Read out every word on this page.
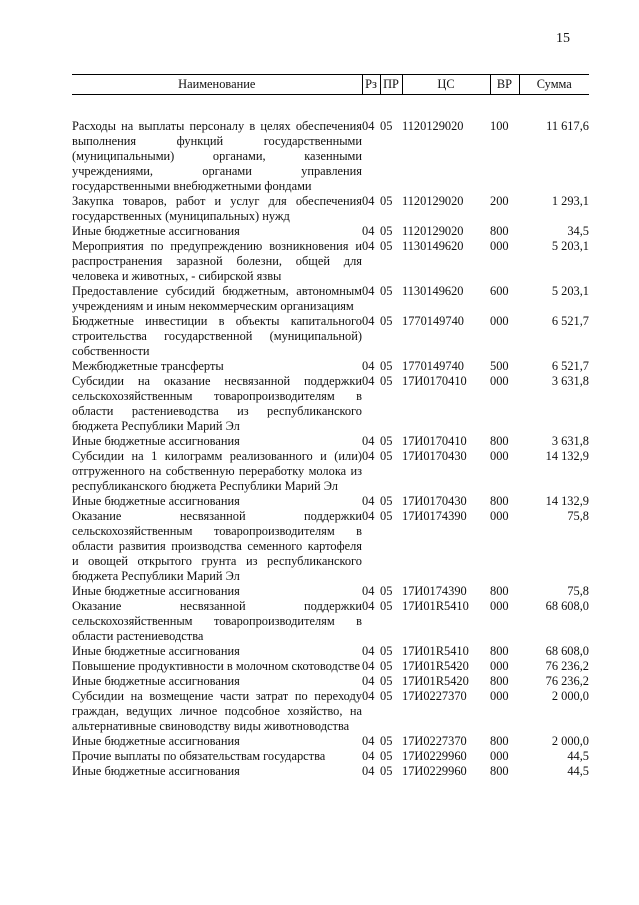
15
Наименование	Рз	ПР	ЦС	ВР	Сумма
Расходы на выплаты персоналу в целях обеспечения выполнения функций государственными (муниципальными) органами, казенными учреждениями, органами управления государственными внебюджетными фондами	04	05	1120129020	100	11 617,6
Закупка товаров, работ и услуг для обеспечения государственных (муниципальных) нужд	04	05	1120129020	200	1 293,1
Иные бюджетные ассигнования	04	05	1120129020	800	34,5
Мероприятия по предупреждению возникновения и распространения заразной болезни, общей для человека и животных, - сибирской язвы	04	05	1130149620	000	5 203,1
Предоставление субсидий бюджетным, автономным учреждениям и иным некоммерческим организациям	04	05	1130149620	600	5 203,1
Бюджетные инвестиции в объекты капитального строительства государственной (муниципальной) собственности	04	05	1770149740	000	6 521,7
Межбюджетные трансферты	04	05	1770149740	500	6 521,7
Субсидии на оказание несвязанной поддержки сельскохозяйственным товаропроизводителям в области растениеводства из республиканского бюджета Республики Марий Эл	04	05	17И0170410	000	3 631,8
Иные бюджетные ассигнования	04	05	17И0170410	800	3 631,8
Субсидии на 1 килограмм реализованного и (или) отгруженного на собственную переработку молока из республиканского бюджета Республики Марий Эл	04	05	17И0170430	000	14 132,9
Иные бюджетные ассигнования	04	05	17И0170430	800	14 132,9
Оказание несвязанной поддержки сельскохозяйственным товаропроизводителям в области развития производства семенного картофеля и овощей открытого грунта из республиканского бюджета Республики Марий Эл	04	05	17И0174390	000	75,8
Иные бюджетные ассигнования	04	05	17И0174390	800	75,8
Оказание несвязанной поддержки сельскохозяйственным товаропроизводителям в области растениеводства	04	05	17И01R5410	000	68 608,0
Иные бюджетные ассигнования	04	05	17И01R5410	800	68 608,0
Повышение продуктивности в молочном скотоводстве	04	05	17И01R5420	000	76 236,2
Иные бюджетные ассигнования	04	05	17И01R5420	800	76 236,2
Субсидии на возмещение части затрат по переходу граждан, ведущих личное подсобное хозяйство, на альтернативные свиноводству виды животноводства	04	05	17И0227370	000	2 000,0
Иные бюджетные ассигнования	04	05	17И0227370	800	2 000,0
Прочие выплаты по обязательствам государства	04	05	17И0229960	000	44,5
Иные бюджетные ассигнования	04	05	17И0229960	800	44,5
